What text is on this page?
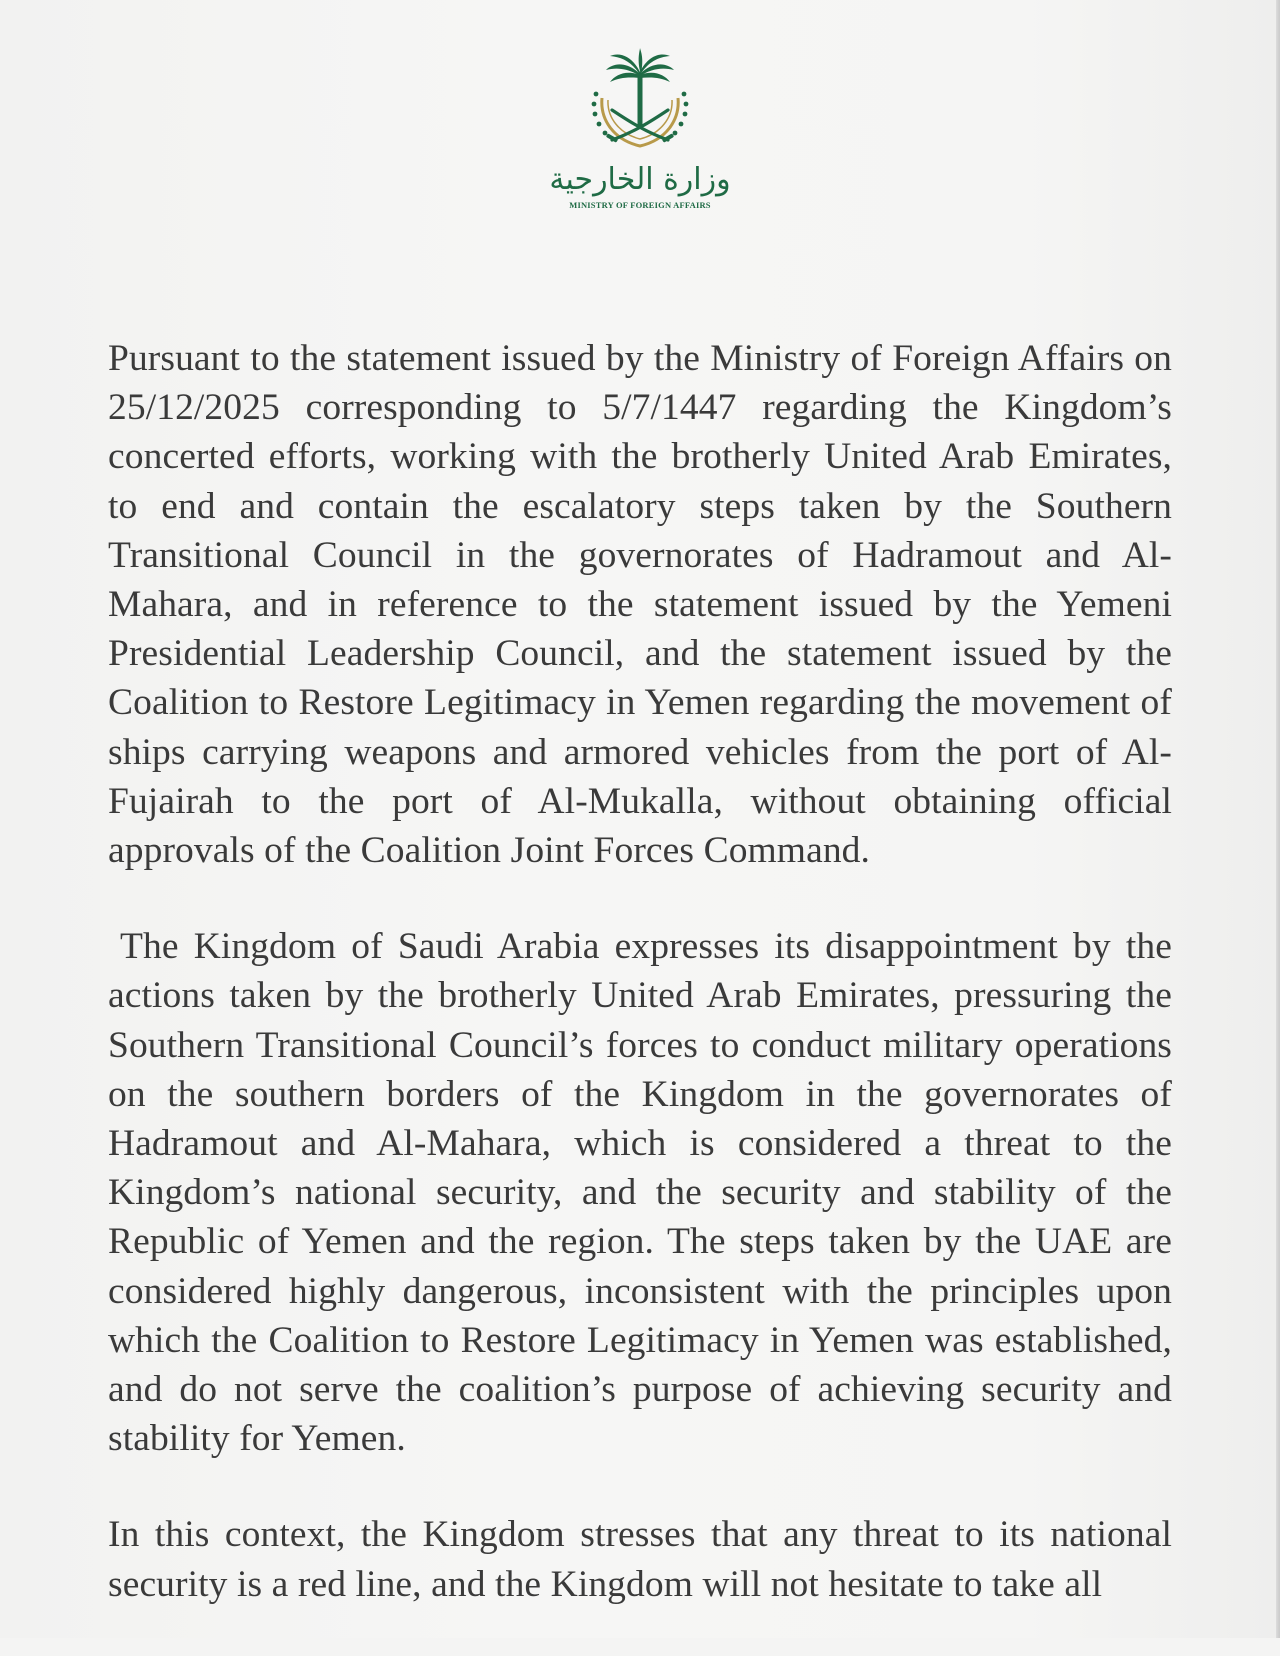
وزارة الخارجية
MINISTRY OF FOREIGN AFFAIRS

Pursuant to the statement issued by the Ministry of Foreign Affairs on 25/12/2025 corresponding to 5/7/1447 regarding the Kingdom’s concerted efforts, working with the brotherly United Arab Emirates, to end and contain the escalatory steps taken by the Southern Transitional Council in the governorates of Hadramout and Al-Mahara, and in reference to the statement issued by the Yemeni Presidential Leadership Council, and the statement issued by the Coalition to Restore Legitimacy in Yemen regarding the movement of ships carrying weapons and armored vehicles from the port of Al-Fujairah to the port of Al-Mukalla, without obtaining official approvals of the Coalition Joint Forces Command.

The Kingdom of Saudi Arabia expresses its disappointment by the actions taken by the brotherly United Arab Emirates, pressuring the Southern Transitional Council’s forces to conduct military operations on the southern borders of the Kingdom in the governorates of Hadramout and Al-Mahara, which is considered a threat to the Kingdom’s national security, and the security and stability of the Republic of Yemen and the region. The steps taken by the UAE are considered highly dangerous, inconsistent with the principles upon which the Coalition to Restore Legitimacy in Yemen was established, and do not serve the coalition’s purpose of achieving security and stability for Yemen.

In this context, the Kingdom stresses that any threat to its national security is a red line, and the Kingdom will not hesitate to take all
